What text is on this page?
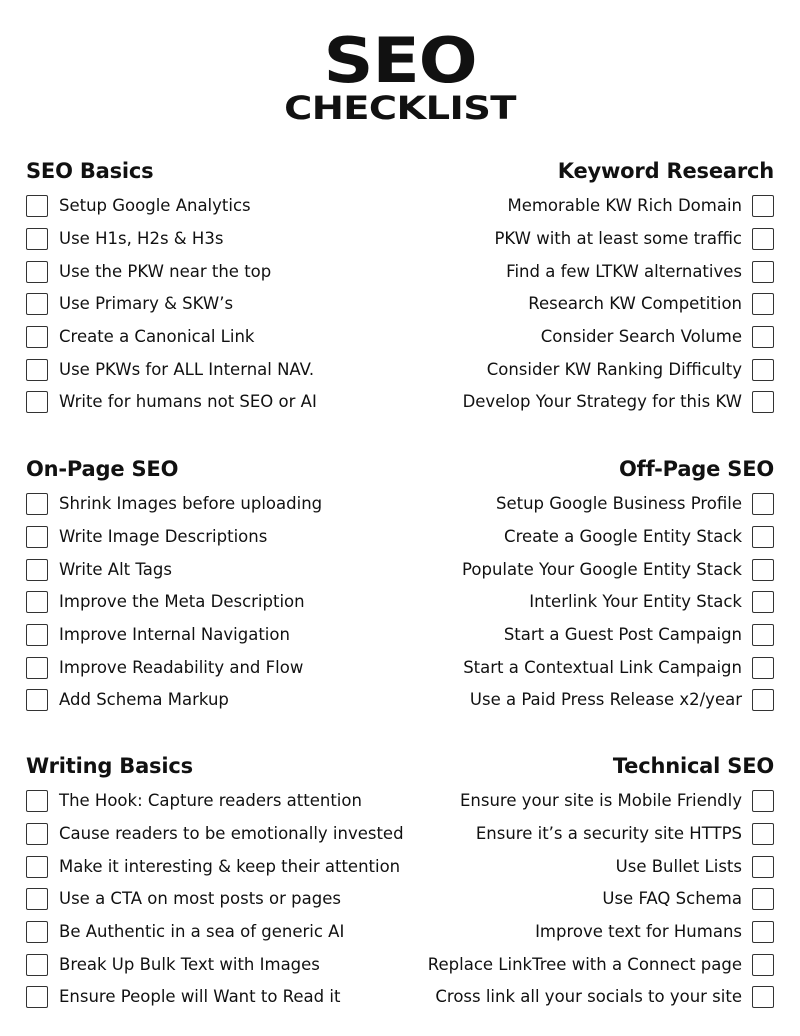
SEO
CHECKLIST
SEO Basics
Setup Google Analytics
Use H1s, H2s & H3s
Use the PKW near the top
Use Primary & SKW’s
Create a Canonical Link
Use PKWs for ALL Internal NAV.
Write for humans not SEO or AI
Keyword Research
Memorable KW Rich Domain
PKW with at least some traffic
Find a few LTKW alternatives
Research KW Competition
Consider Search Volume
Consider KW Ranking Difficulty
Develop Your Strategy for this KW
On-Page SEO
Shrink Images before uploading
Write Image Descriptions
Write Alt Tags
Improve the Meta Description
Improve Internal Navigation
Improve Readability and Flow
Add Schema Markup
Off-Page SEO
Setup Google Business Profile
Create a Google Entity Stack
Populate Your Google Entity Stack
Interlink Your Entity Stack
Start a Guest Post Campaign
Start a Contextual Link Campaign
Use a Paid Press Release x2/year
Writing Basics
The Hook: Capture readers attention
Cause readers to be emotionally invested
Make it interesting & keep their attention
Use a CTA on most posts or pages
Be Authentic in a sea of generic AI
Break Up Bulk Text with Images
Ensure People will Want to Read it
Technical SEO
Ensure your site is Mobile Friendly
Ensure it’s a security site HTTPS
Use Bullet Lists
Use FAQ Schema
Improve text for Humans
Replace LinkTree with a Connect page
Cross link all your socials to your site
